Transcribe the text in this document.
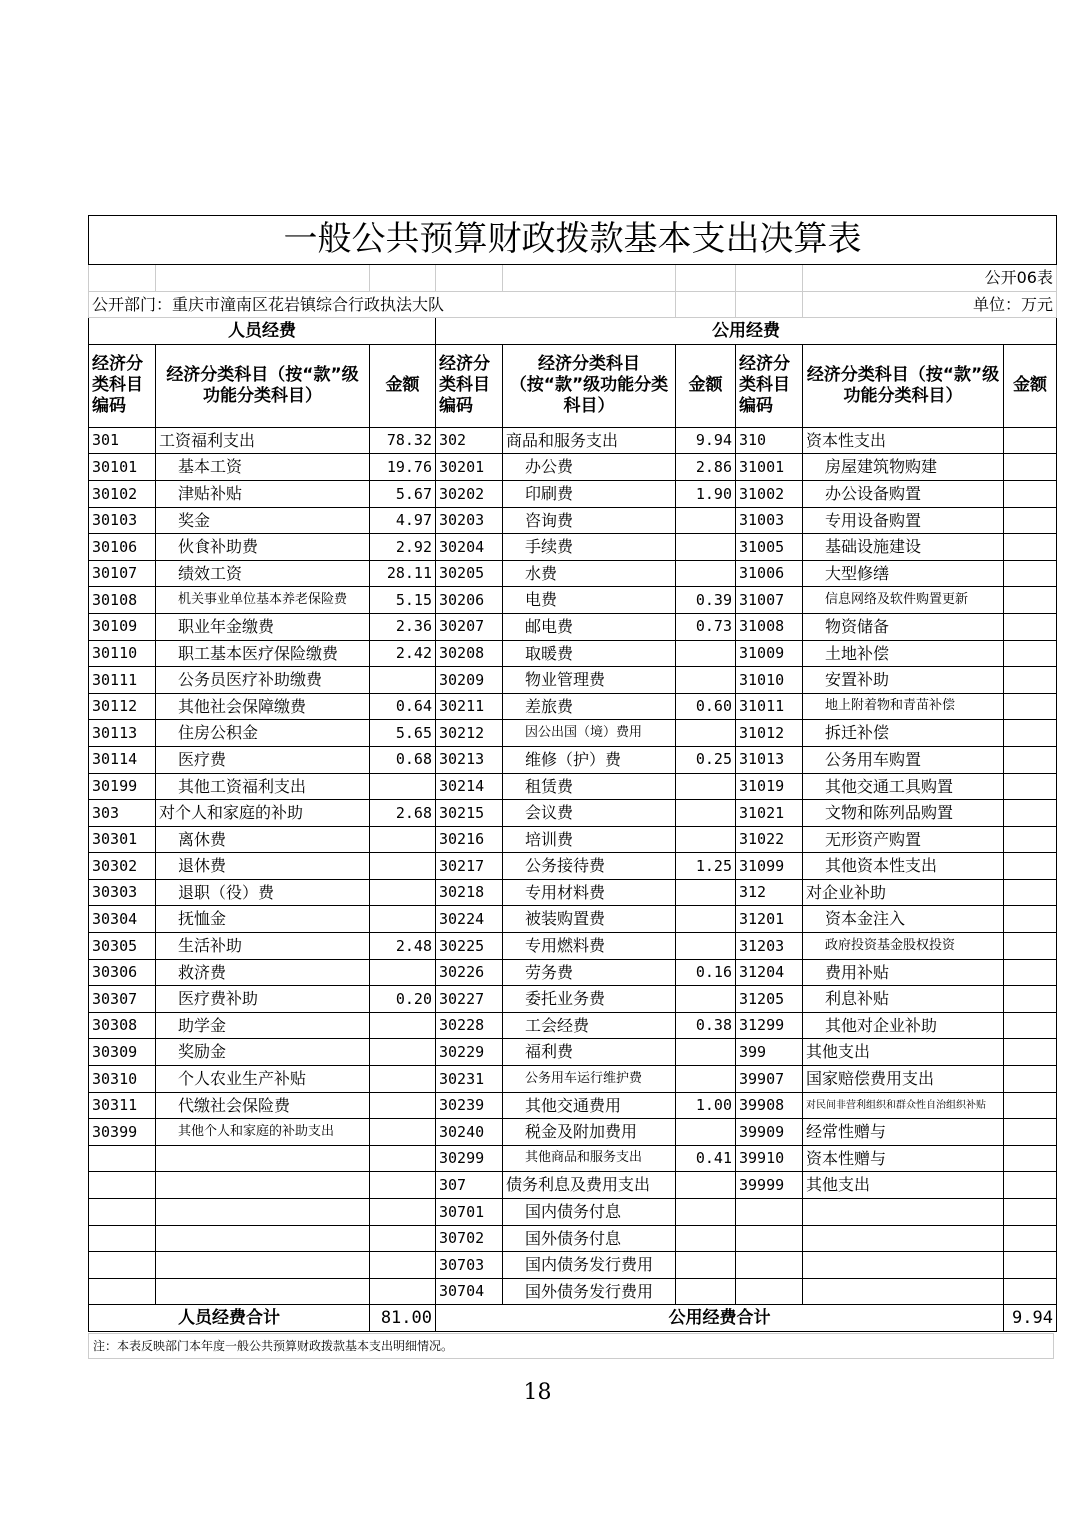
一般公共预算财政拨款基本支出决算表								
							公开06表	
公开部门：重庆市潼南区花岩镇综合行政执法大队							单位：万元	
人员经费			公用经费					
经济分类科目编码	经济分类科目（按“款”级功能分类科目）	金额	经济分类科目编码	经济分类科目（按“款”级功能分类科目）	金额	经济分类科目编码	经济分类科目（按“款”级功能分类科目）	金额
301	工资福利支出	78.32	302	商品和服务支出	9.94	310	资本性支出	
30101	基本工资	19.76	30201	办公费	2.86	31001	房屋建筑物购建	
30102	津贴补贴	5.67	30202	印刷费	1.90	31002	办公设备购置	
30103	奖金	4.97	30203	咨询费		31003	专用设备购置	
30106	伙食补助费	2.92	30204	手续费		31005	基础设施建设	
30107	绩效工资	28.11	30205	水费		31006	大型修缮	
30108	机关事业单位基本养老保险费	5.15	30206	电费	0.39	31007	信息网络及软件购置更新	
30109	职业年金缴费	2.36	30207	邮电费	0.73	31008	物资储备	
30110	职工基本医疗保险缴费	2.42	30208	取暖费		31009	土地补偿	
30111	公务员医疗补助缴费		30209	物业管理费		31010	安置补助	
30112	其他社会保障缴费	0.64	30211	差旅费	0.60	31011	地上附着物和青苗补偿	
30113	住房公积金	5.65	30212	因公出国（境）费用		31012	拆迁补偿	
30114	医疗费	0.68	30213	维修（护）费	0.25	31013	公务用车购置	
30199	其他工资福利支出		30214	租赁费		31019	其他交通工具购置	
303	对个人和家庭的补助	2.68	30215	会议费		31021	文物和陈列品购置	
30301	离休费		30216	培训费		31022	无形资产购置	
30302	退休费		30217	公务接待费	1.25	31099	其他资本性支出	
30303	退职（役）费		30218	专用材料费		312	对企业补助	
30304	抚恤金		30224	被装购置费		31201	资本金注入	
30305	生活补助	2.48	30225	专用燃料费		31203	政府投资基金股权投资	
30306	救济费		30226	劳务费	0.16	31204	费用补贴	
30307	医疗费补助	0.20	30227	委托业务费		31205	利息补贴	
30308	助学金		30228	工会经费	0.38	31299	其他对企业补助	
30309	奖励金		30229	福利费		399	其他支出	
30310	个人农业生产补贴		30231	公务用车运行维护费		39907	国家赔偿费用支出	
30311	代缴社会保险费		30239	其他交通费用	1.00	39908	对民间非营利组织和群众性自治组织补贴	
30399	其他个人和家庭的补助支出		30240	税金及附加费用		39909	经常性赠与	
			30299	其他商品和服务支出	0.41	39910	资本性赠与	
			307	债务利息及费用支出		39999	其他支出	
			30701	国内债务付息				
			30702	国外债务付息				
			30703	国内债务发行费用				
			30704	国外债务发行费用				
人员经费合计		81.00	公用经费合计					9.94
注：本表反映部门本年度一般公共预算财政拨款基本支出明细情况。
18
